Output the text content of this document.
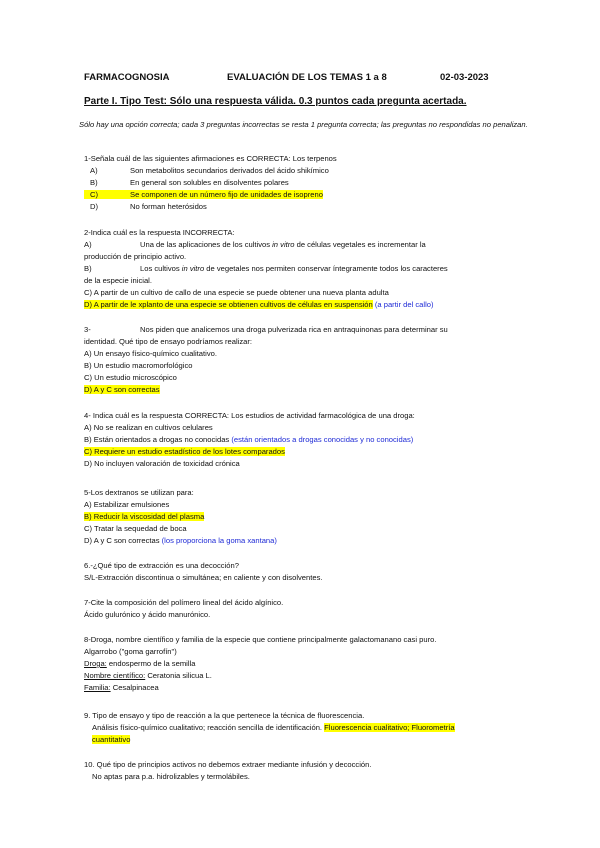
FARMACOGNOSIA	EVALUACIÓN DE LOS TEMAS 1 a 8	02-03-2023
Parte I. Tipo Test: Sólo una respuesta válida. 0.3 puntos cada pregunta acertada.
Sólo hay una opción correcta; cada 3 preguntas incorrectas se resta 1 pregunta correcta; las preguntas no respondidas no penalizan.
1-Señala cuál de las siguientes afirmaciones es CORRECTA: Los terpenos
A)	Son metabolitos secundarios derivados del ácido shikímico
B)	En general son solubles en disolventes polares
C)	Se componen de un número fijo de unidades de isopreno
D)	No forman heterósidos
2-Indica cuál es la respuesta INCORRECTA:
A)	Una de las aplicaciones de los cultivos in vitro de células vegetales es incrementar la
producción de principio activo.
B)	Los cultivos in vitro de vegetales nos permiten conservar íntegramente todos los caracteres
de la especie inicial.
C) A partir de un cultivo de callo de una especie se puede obtener una nueva planta adulta
D) A partir de le xplanto de una especie se obtienen cultivos de células en suspensión (a partir del callo)
3-	Nos piden que analicemos una droga pulverizada rica en antraquinonas para determinar su
identidad. Qué tipo de ensayo podríamos realizar:
A) Un ensayo físico-químico cualitativo.
B) Un estudio macromorfológico
C) Un estudio microscópico
D) A y C son correctas
4- Indica cuál es la respuesta CORRECTA: Los estudios de actividad farmacológica de una droga:
A) No se realizan en cultivos celulares
B) Están orientados a drogas no conocidas (están orientados a drogas conocidas y no conocidas)
C) Requiere un estudio estadístico de los lotes comparados
D) No incluyen valoración de toxicidad crónica
5-Los dextranos se utilizan para:
A) Estabilizar emulsiones
B) Reducir la viscosidad del plasma
C) Tratar la sequedad de boca
D) A y C son correctas (los proporciona la goma xantana)
6.-¿Qué tipo de extracción es una decocción?
S/L-Extracción discontinua o simultánea; en caliente y con disolventes.
7-Cite la composición del polímero lineal del ácido algínico.
Ácido gulurónico y ácido manurónico.
8-Droga, nombre científico y familia de la especie que contiene principalmente galactomanano casi puro.
Algarrobo ("goma garrofín")
Droga: endospermo de la semilla
Nombre científico: Ceratonia silicua L.
Familia: Cesalpinacea
9. Tipo de ensayo y tipo de reacción a la que pertenece la técnica de fluorescencia.
Análisis físico-químico cualitativo; reacción sencilla de identificación. Fluorescencia cualitativo; Fluorometría
cuantitativo
10. Qué tipo de principios activos no debemos extraer mediante infusión y decocción.
No aptas para p.a. hidrolizables y termolábiles.
